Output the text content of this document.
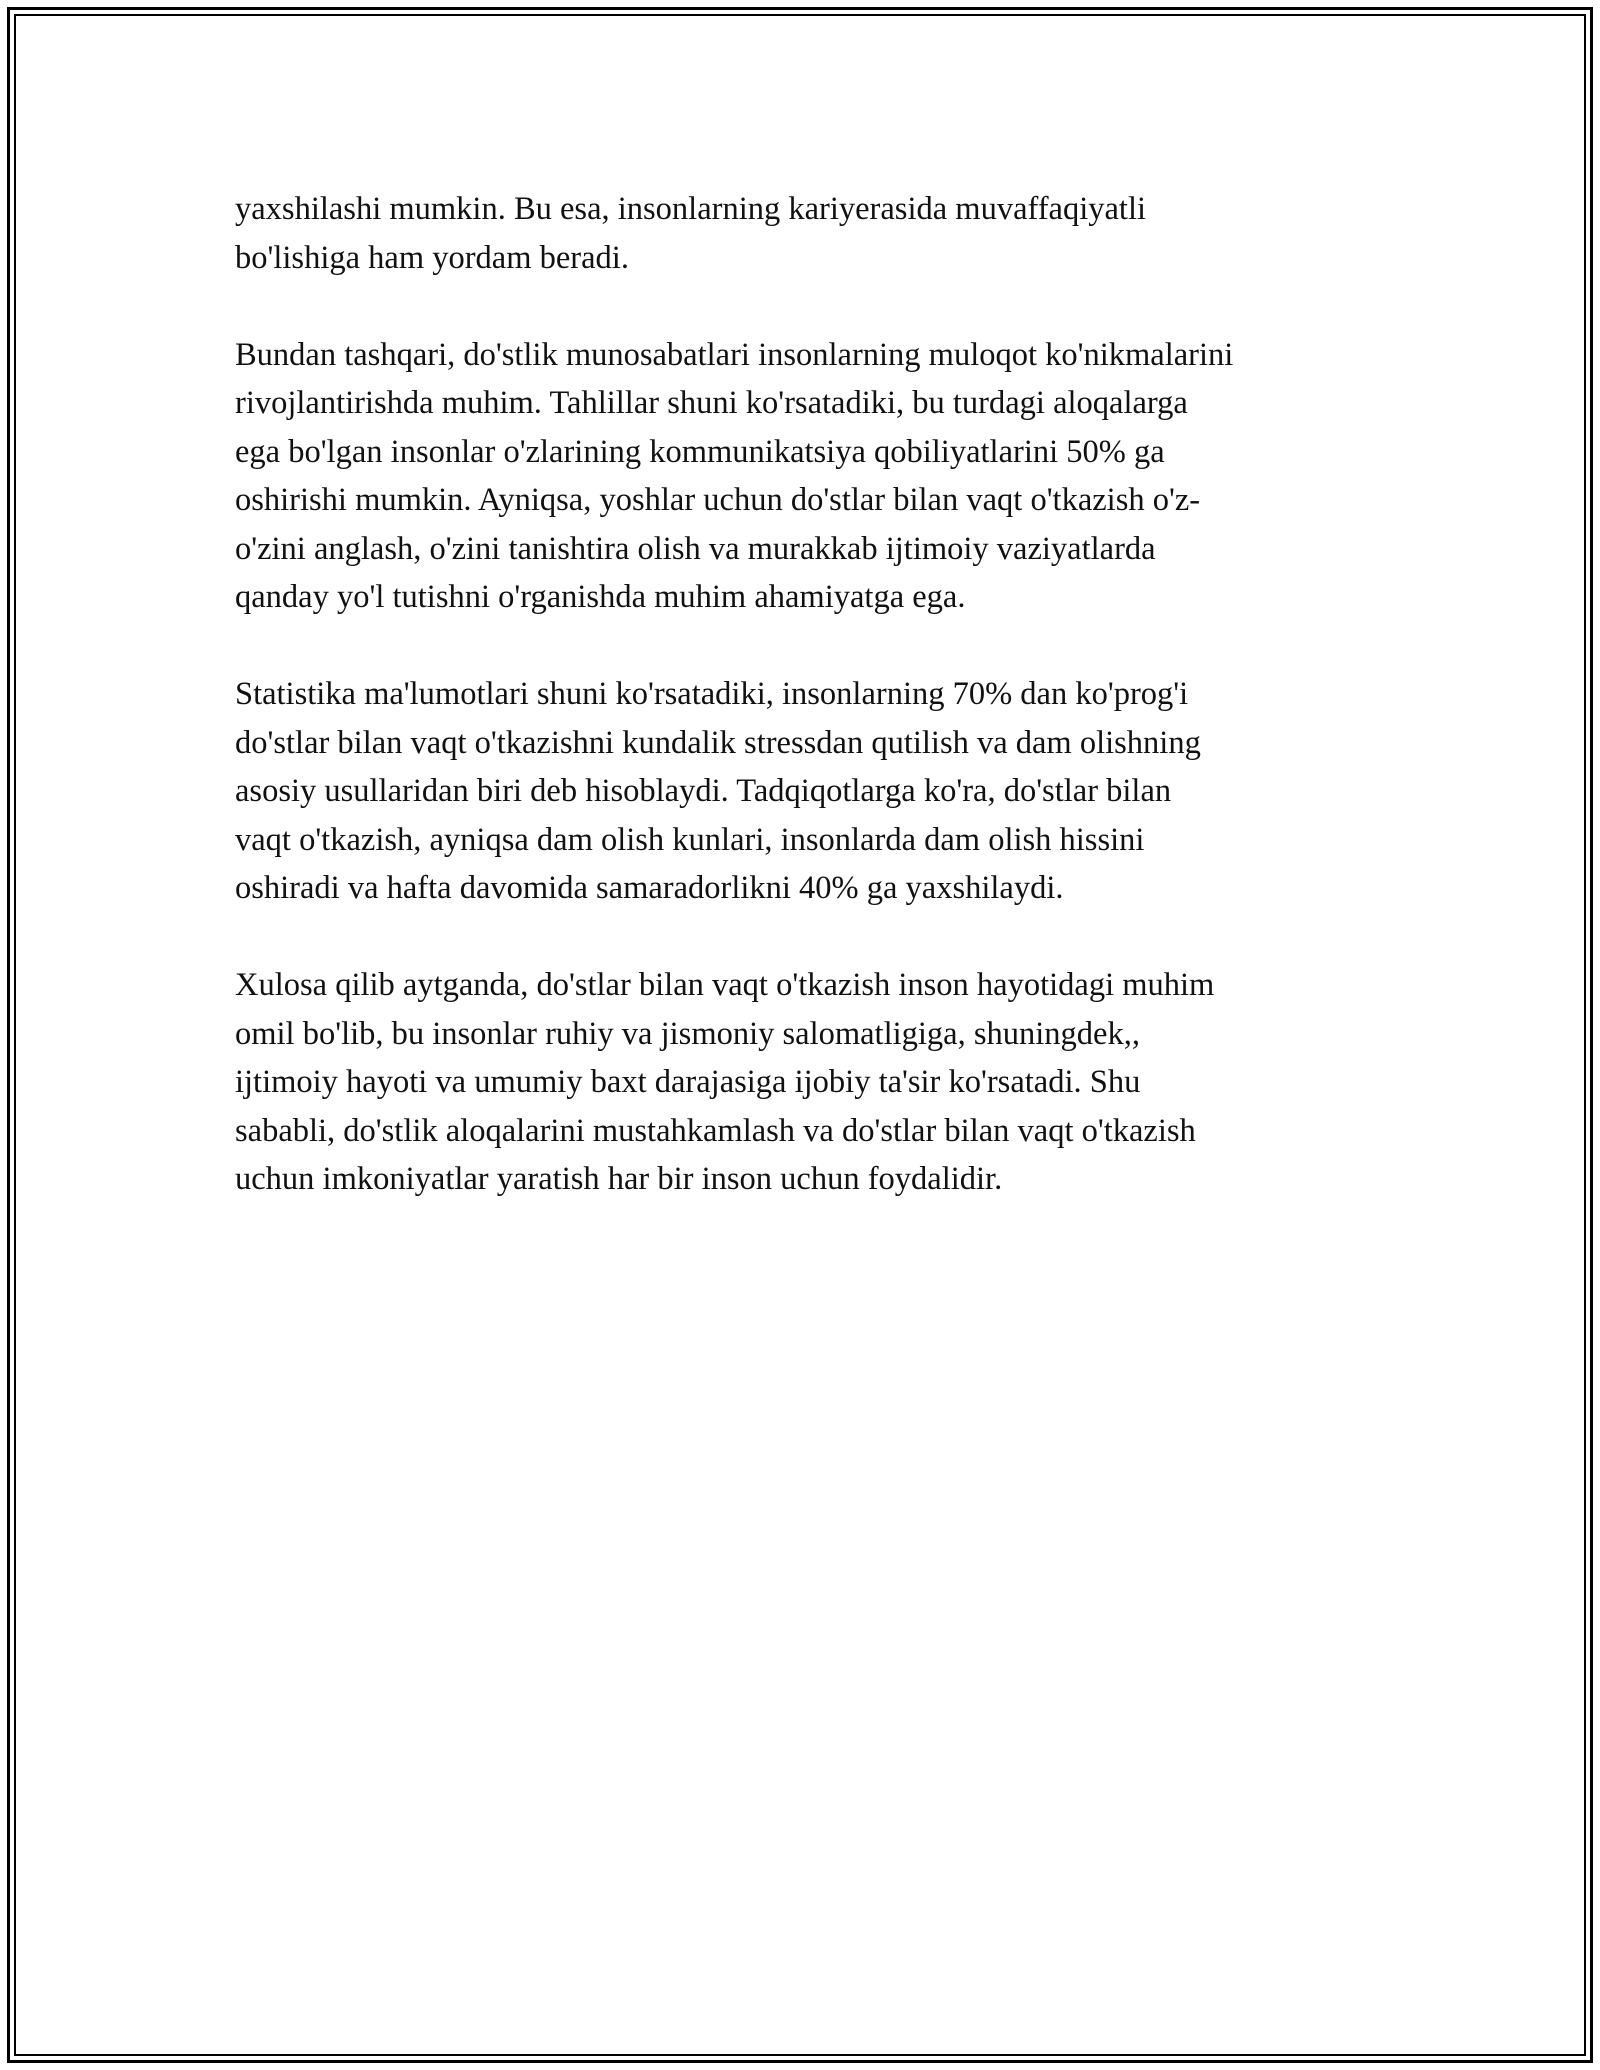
yaxshilashi mumkin. Bu esa, insonlarning kariyerasida muvaffaqiyatli
bo'lishiga ham yordam beradi.

Bundan tashqari, do'stlik munosabatlari insonlarning muloqot ko'nikmalarini
rivojlantirishda muhim. Tahlillar shuni ko'rsatadiki, bu turdagi aloqalarga
ega bo'lgan insonlar o'zlarining kommunikatsiya qobiliyatlarini 50% ga
oshirishi mumkin. Ayniqsa, yoshlar uchun do'stlar bilan vaqt o'tkazish o'z-
o'zini anglash, o'zini tanishtira olish va murakkab ijtimoiy vaziyatlarda
qanday yo'l tutishni o'rganishda muhim ahamiyatga ega.

Statistika ma'lumotlari shuni ko'rsatadiki, insonlarning 70% dan ko'prog'i
do'stlar bilan vaqt o'tkazishni kundalik stressdan qutilish va dam olishning
asosiy usullaridan biri deb hisoblaydi. Tadqiqotlarga ko'ra, do'stlar bilan
vaqt o'tkazish, ayniqsa dam olish kunlari, insonlarda dam olish hissini
oshiradi va hafta davomida samaradorlikni 40% ga yaxshilaydi.

Xulosa qilib aytganda, do'stlar bilan vaqt o'tkazish inson hayotidagi muhim
omil bo'lib, bu insonlar ruhiy va jismoniy salomatligiga, shuningdek,,
ijtimoiy hayoti va umumiy baxt darajasiga ijobiy ta'sir ko'rsatadi. Shu
sababli, do'stlik aloqalarini mustahkamlash va do'stlar bilan vaqt o'tkazish
uchun imkoniyatlar yaratish har bir inson uchun foydalidir.
